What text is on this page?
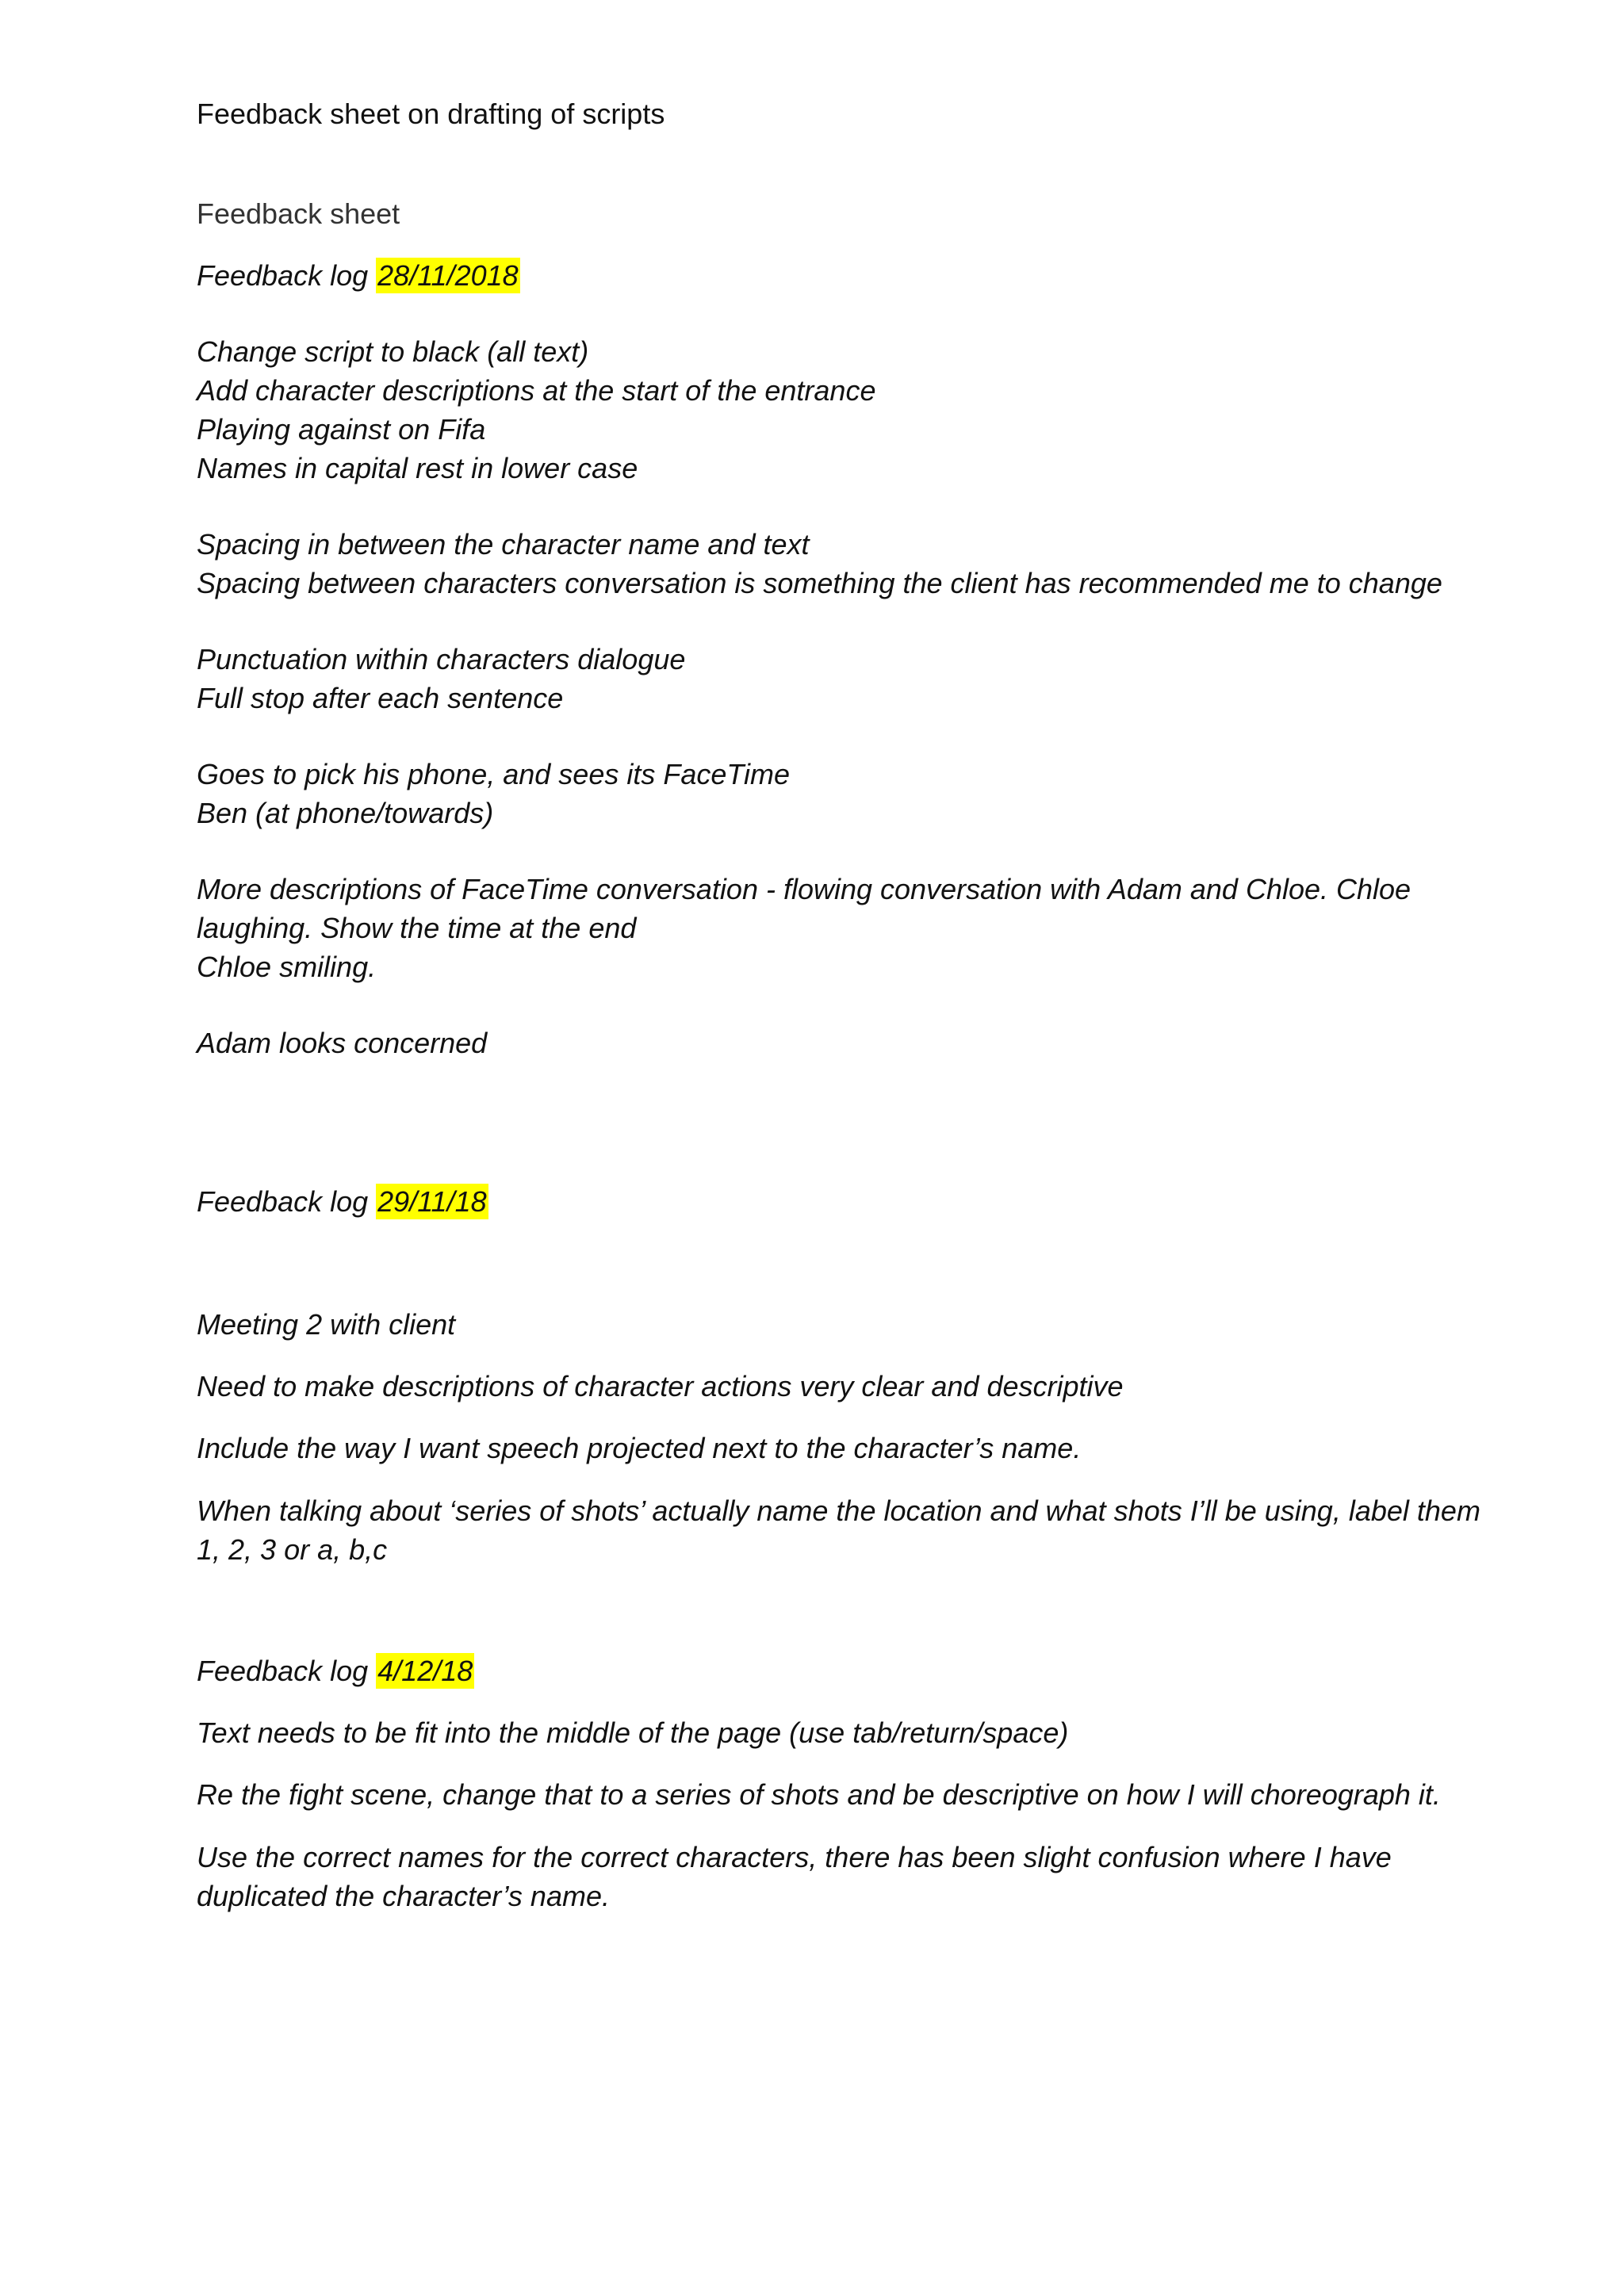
Feedback sheet on drafting of scripts
Feedback sheet
Feedback log 28/11/2018
Change script to black (all text)
Add character descriptions at the start of the entrance
Playing against on Fifa
Names in capital rest in lower case
Spacing in between the character name and text
Spacing between characters conversation is something the client has recommended me to change
Punctuation within characters dialogue
Full stop after each sentence
Goes to pick his phone, and sees its FaceTime
Ben (at phone/towards)
More descriptions of FaceTime conversation - flowing conversation with Adam and Chloe. Chloe
laughing. Show the time at the end
Chloe smiling.
Adam looks concerned
Feedback log 29/11/18
Meeting 2 with client
Need to make descriptions of character actions very clear and descriptive
Include the way I want speech projected next to the character’s name.
When talking about ‘series of shots’ actually name the location and what shots I’ll be using, label them
1, 2, 3 or a, b,c
Feedback log 4/12/18
Text needs to be fit into the middle of the page (use tab/return/space)
Re the fight scene, change that to a series of shots and be descriptive on how I will choreograph it.
Use the correct names for the correct characters, there has been slight confusion where I have
duplicated the character’s name.
